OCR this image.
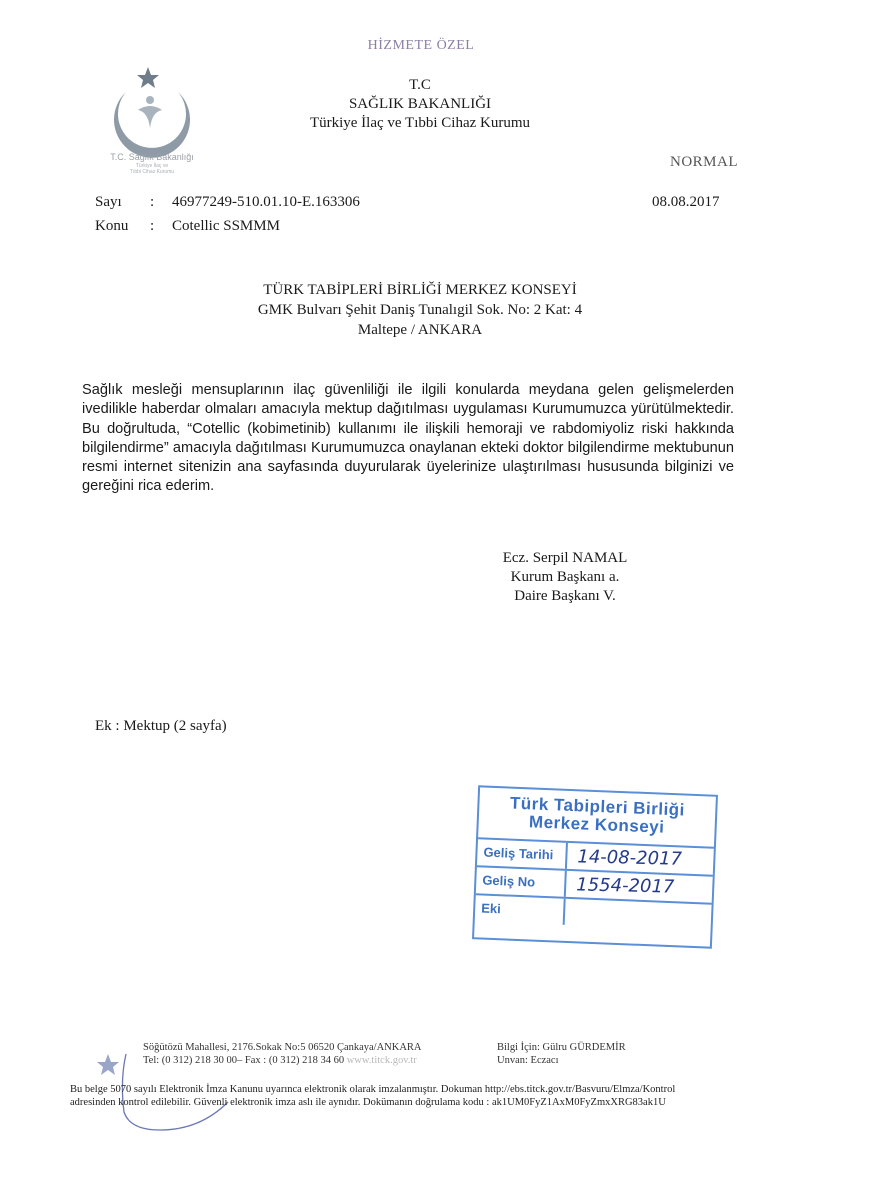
HİZMETE ÖZEL
T.C. Sağlık Bakanlığı
Türkiye İlaç ve
Tıbbi Cihaz Kurumu
T.C
SAĞLIK BAKANLIĞI
Türkiye İlaç ve Tıbbi Cihaz Kurumu
NORMAL
Sayı : 46977249-510.01.10-E.163306
Konu : Cotellic SSMMM
08.08.2017
TÜRK TABİPLERİ BİRLİĞİ MERKEZ KONSEYİ
GMK Bulvarı Şehit Daniş Tunalıgil Sok. No: 2 Kat: 4
Maltepe / ANKARA

Sağlık mesleği mensuplarının ilaç güvenliliği ile ilgili konularda meydana gelen gelişmelerden ivedilikle haberdar olmaları amacıyla mektup dağıtılması uygulaması Kurumumuzca yürütülmektedir. Bu doğrultuda, “Cotellic (kobimetinib) kullanımı ile ilişkili hemoraji ve rabdomiyoliz riski hakkında bilgilendirme” amacıyla dağıtılması Kurumumuzca onaylanan ekteki doktor bilgilendirme mektubunun resmi internet sitenizin ana sayfasında duyurularak üyelerinize ulaştırılması hususunda bilginizi ve gereğini rica ederim.

Ecz. Serpil NAMAL
Kurum Başkanı a.
Daire Başkanı V.
Ek : Mektup (2 sayfa)
Türk Tabipleri Birliği
Merkez Konseyi
Geliş Tarihi	14-08-2017
Geliş No	1554-2017
Eki
Söğütözü Mahallesi, 2176.Sokak No:5 06520 Çankaya/ANKARA
Tel: (0 312) 218 30 00– Fax : (0 312) 218 34 60 www.titck.gov.tr
Bilgi İçin: Gülru GÜRDEMİR
Unvan: Eczacı
Bu belge 5070 sayılı Elektronik İmza Kanunu uyarınca elektronik olarak imzalanmıştır. Dokuman http://ebs.titck.gov.tr/Basvuru/Elmza/Kontrol
adresinden kontrol edilebilir. Güvenli elektronik imza aslı ile aynıdır. Dokümanın doğrulama kodu : ak1UM0FyZ1AxM0FyZmxXRG83ak1U
